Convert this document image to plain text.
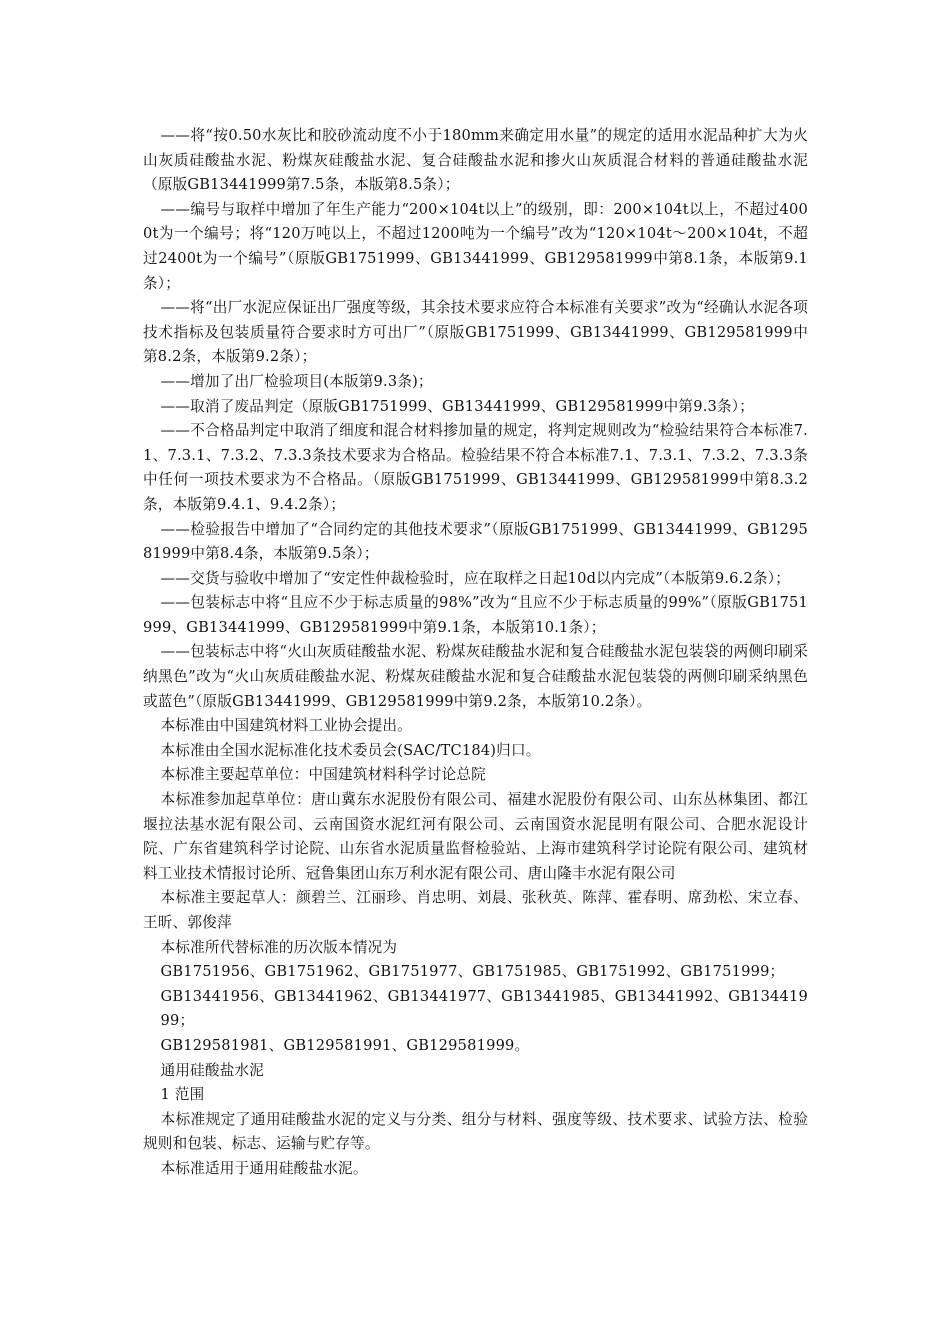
——将“按0.50水灰比和胶砂流动度不小于180mm来确定用水量”的规定的适用水泥品种扩大为火山灰质硅酸盐水泥、粉煤灰硅酸盐水泥、复合硅酸盐水泥和掺火山灰质混合材料的普通硅酸盐水泥（原版GB13441999第7.5条，本版第8.5条）；

——编号与取样中增加了年生产能力“200×104t以上”的级别，即：200×104t以上，不超过4000t为一个编号；将“120万吨以上，不超过1200吨为一个编号”改为“120×104t～200×104t，不超过2400t为一个编号”（原版GB1751999、GB13441999、GB129581999中第8.1条，本版第9.1条）；

——将“出厂水泥应保证出厂强度等级，其余技术要求应符合本标准有关要求”改为“经确认水泥各项技术指标及包装质量符合要求时方可出厂”（原版GB1751999、GB13441999、GB129581999中第8.2条，本版第9.2条）；

——增加了出厂检验项目(本版第9.3条)；

——取消了废品判定（原版GB1751999、GB13441999、GB129581999中第9.3条）；

——不合格品判定中取消了细度和混合材料掺加量的规定，将判定规则改为“检验结果符合本标准7.1、7.3.1、7.3.2、7.3.3条技术要求为合格品。检验结果不符合本标准7.1、7.3.1、7.3.2、7.3.3条中任何一项技术要求为不合格品。（原版GB1751999、GB13441999、GB129581999中第8.3.2条，本版第9.4.1、9.4.2条）；

——检验报告中增加了“合同约定的其他技术要求”（原版GB1751999、GB13441999、GB129581999中第8.4条，本版第9.5条）；

——交货与验收中增加了“安定性仲裁检验时，应在取样之日起10d以内完成”（本版第9.6.2条）；

——包装标志中将“且应不少于标志质量的98%”改为“且应不少于标志质量的99%”（原版GB1751999、GB13441999、GB129581999中第9.1条，本版第10.1条）；

——包装标志中将“火山灰质硅酸盐水泥、粉煤灰硅酸盐水泥和复合硅酸盐水泥包装袋的两侧印刷采纳黑色”改为“火山灰质硅酸盐水泥、粉煤灰硅酸盐水泥和复合硅酸盐水泥包装袋的两侧印刷采纳黑色或蓝色”（原版GB13441999、GB129581999中第9.2条，本版第10.2条）。

本标准由中国建筑材料工业协会提出。

本标准由全国水泥标准化技术委员会(SAC/TC184)归口。

本标准主要起草单位：中国建筑材料科学讨论总院

本标准参加起草单位：唐山冀东水泥股份有限公司、福建水泥股份有限公司、山东丛林集团、都江堰拉法基水泥有限公司、云南国资水泥红河有限公司、云南国资水泥昆明有限公司、合肥水泥设计院、广东省建筑科学讨论院、山东省水泥质量监督检验站、上海市建筑科学讨论院有限公司、建筑材料工业技术情报讨论所、冠鲁集团山东万利水泥有限公司、唐山隆丰水泥有限公司

本标准主要起草人：颜碧兰、江丽珍、肖忠明、刘晨、张秋英、陈萍、霍春明、席劲松、宋立春、王昕、郭俊萍

本标准所代替标准的历次版本情况为

GB1751956、GB1751962、GB1751977、GB1751985、GB1751992、GB1751999；

GB13441956、GB13441962、GB13441977、GB13441985、GB13441992、GB13441999；

GB129581981、GB129581991、GB129581999。

通用硅酸盐水泥

1 范围

本标准规定了通用硅酸盐水泥的定义与分类、组分与材料、强度等级、技术要求、试验方法、检验规则和包装、标志、运输与贮存等。

本标准适用于通用硅酸盐水泥。
